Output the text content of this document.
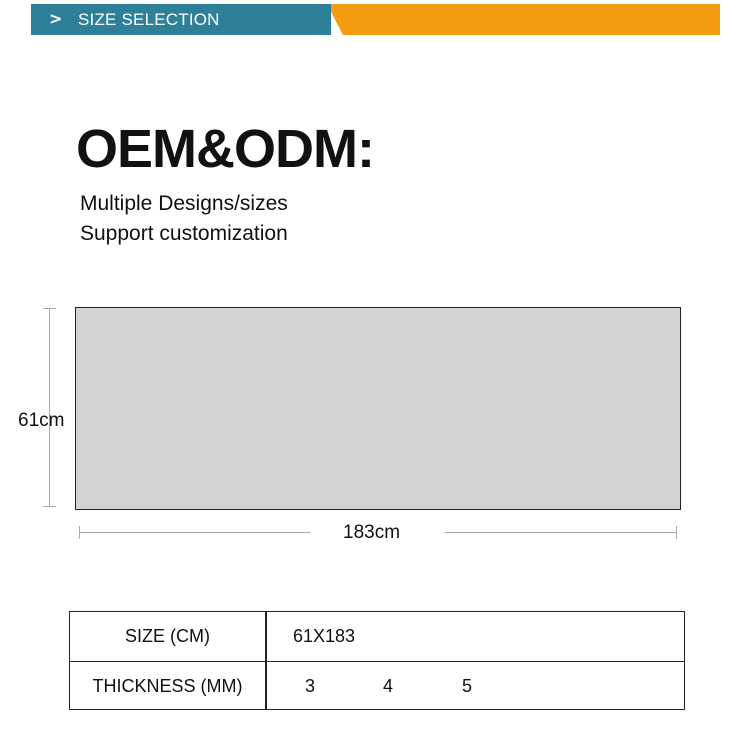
> SIZE SELECTION
OEM&ODM:
Multiple Designs/sizes
Support customization
61cm
183cm
SIZE (CM)	61X183
THICKNESS (MM)	3	4	5
